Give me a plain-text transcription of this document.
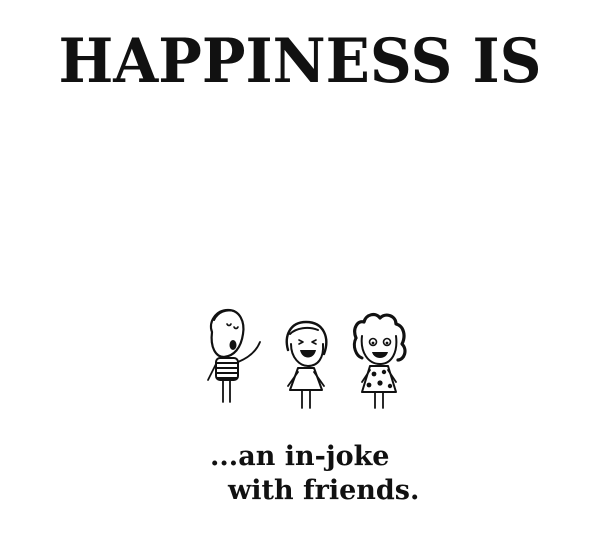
HAPPINESS IS
...an in-joke
with friends.
